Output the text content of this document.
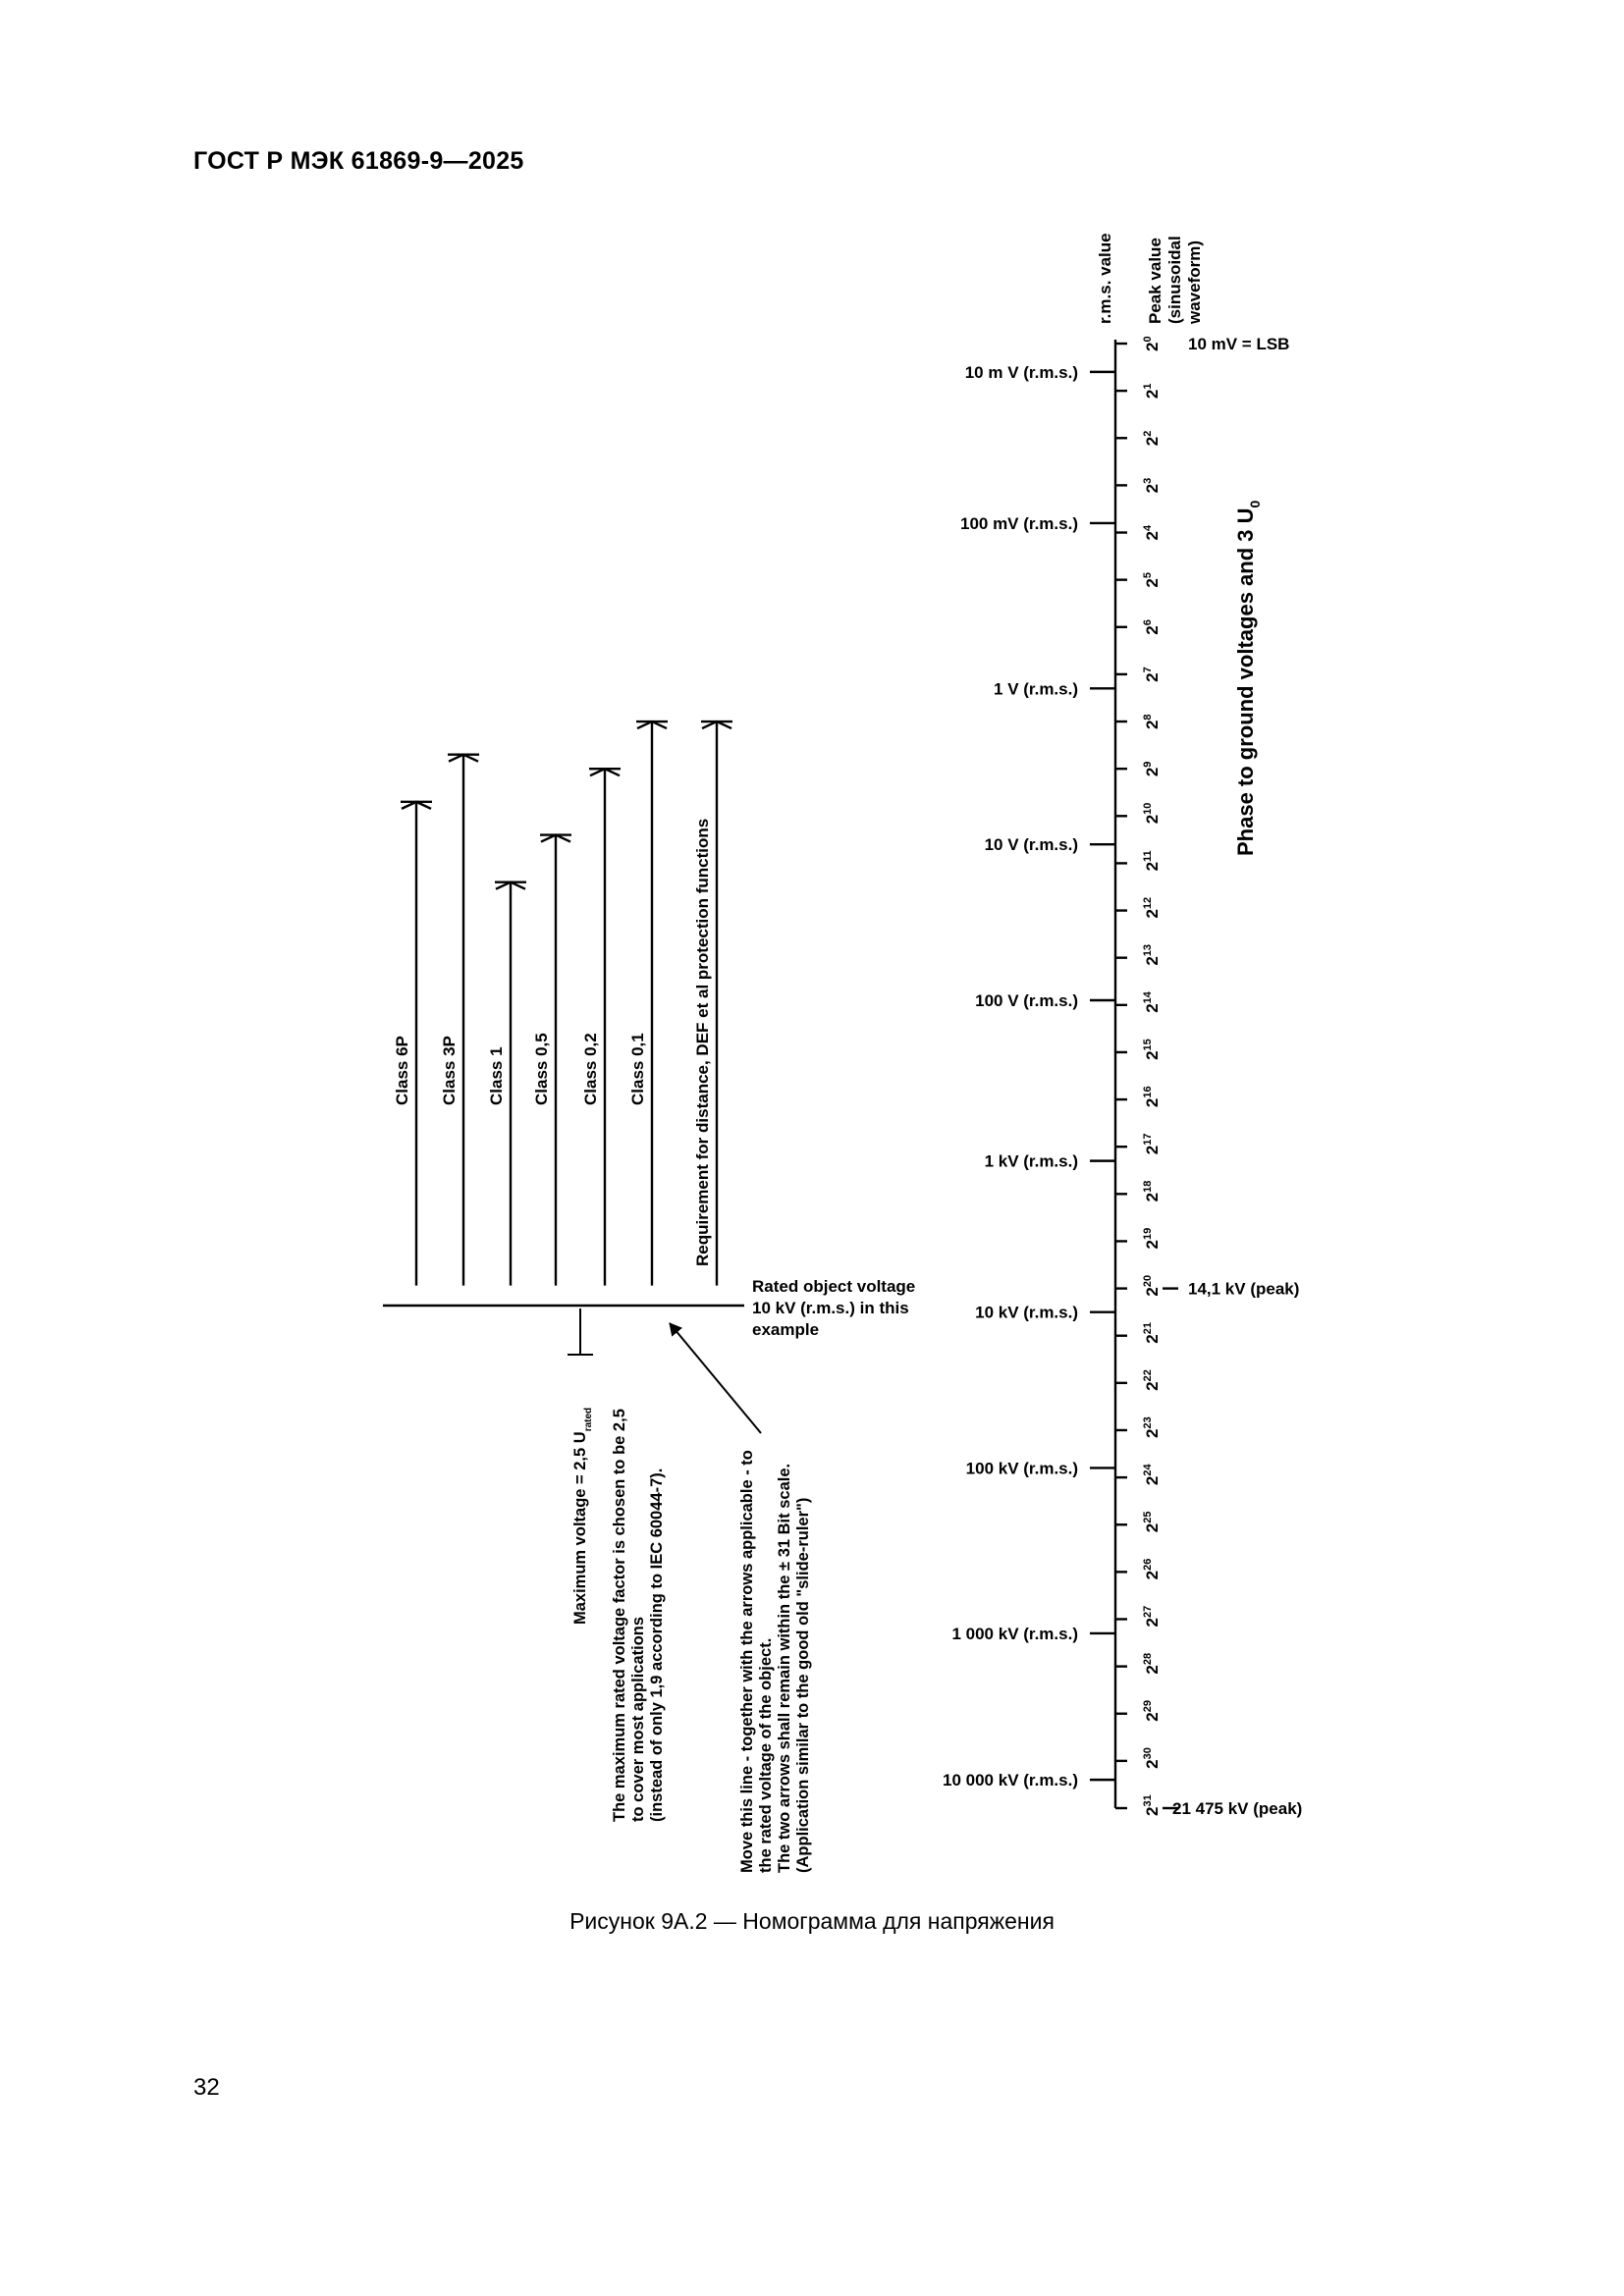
ГОСТ Р МЭК 61869-9—2025
r.m.s. value Peak value (sinusoidal waveform)
10 mV = LSB
$2^0$
$2^1$
$2^2$
$2^3$
$2^4$
$2^5$
$2^6$
$2^7$
$2^8$
$2^9$
$2^{10}$
$2^{11}$
$2^{12}$
$2^{13}$
$2^{14}$
$2^{15}$
$2^{16}$
$2^{17}$
$2^{18}$
$2^{19}$
$2^{20}$
$2^{21}$
$2^{22}$
$2^{23}$
$2^{24}$
$2^{25}$
$2^{26}$
$2^{27}$
$2^{28}$
$2^{29}$
$2^{30}$
$2^{31}$
10 m V (r.m.s.)
100 mV (r.m.s.)
1 V (r.m.s.)
10 V (r.m.s.)
100 V (r.m.s.)
1 kV (r.m.s.)
10 kV (r.m.s.)
100 kV (r.m.s.)
1 000 kV (r.m.s.)
10 000 kV (r.m.s.)
14,1 kV (peak)
21 475 kV (peak)
Phase to ground voltages and 3 $U_0$
Class 6P Class 3P Class 1 Class 0,5 Class 0,2 Class 0,1	Requirement for distance, DEF et al protection functions
Rated object voltage 10 kV (r.m.s.) in this example
Maximum voltage = 2,5 $U_{rated}$ The maximum rated voltage factor is chosen to be 2,5 to cover most applications (instead of only 1,9 according to IEC 60044-7).	Move this line - together with the arrows applicable - to the rated voltage of the object. The two arrows shall remain within the ± 31 Bit scale. (Application similar to the good old "slide-ruler")
Рисунок 9А.2 — Номограмма для напряжения
32
